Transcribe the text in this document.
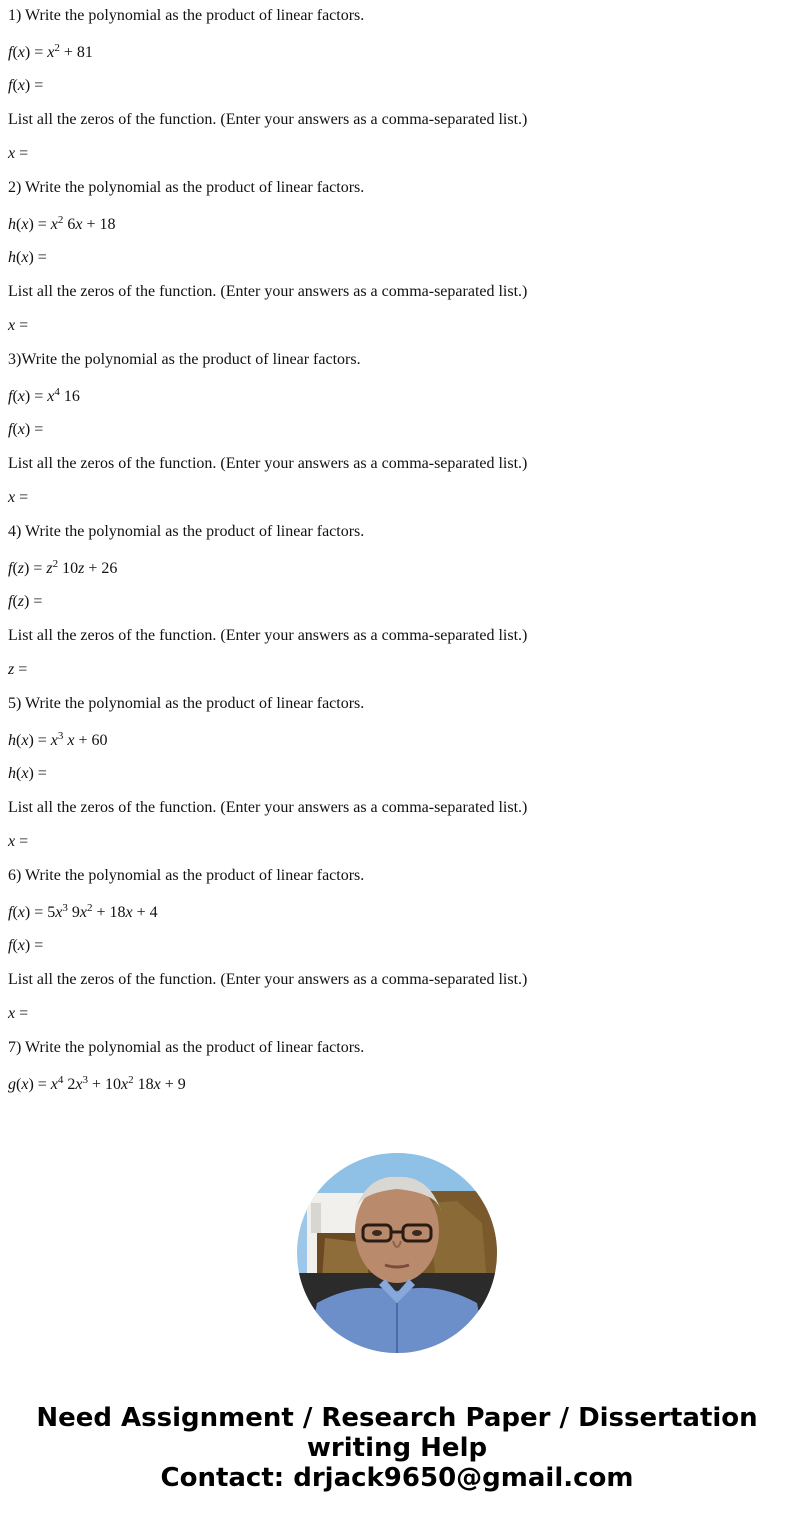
1) Write the polynomial as the product of linear factors.
$f(x) = x^2 + 81$
f(x) =
List all the zeros of the function. (Enter your answers as a comma-separated list.)
x =
2) Write the polynomial as the product of linear factors.
$h(x) = x^2$ 6x + 18
h(x) =
List all the zeros of the function. (Enter your answers as a comma-separated list.)
x =
3)Write the polynomial as the product of linear factors.
$f(x) = x^4$ 16
f(x) =
List all the zeros of the function. (Enter your answers as a comma-separated list.)
x =
4) Write the polynomial as the product of linear factors.
$f(z) = z^2$ 10z + 26
f(z) =
List all the zeros of the function. (Enter your answers as a comma-separated list.)
z =
5) Write the polynomial as the product of linear factors.
$h(x) = x^3$ x + 60
h(x) =
List all the zeros of the function. (Enter your answers as a comma-separated list.)
x =
6) Write the polynomial as the product of linear factors.
$f(x) = 5x^3$ $9x^2 + 18x + 4$
f(x) =
List all the zeros of the function. (Enter your answers as a comma-separated list.)
x =
7) Write the polynomial as the product of linear factors.
$g(x) = x^4$ $2x^3 + 10x^2$ 18x + 9
Need Assignment / Research Paper / Dissertation
writing Help
Contact: drjack9650@gmail.com
